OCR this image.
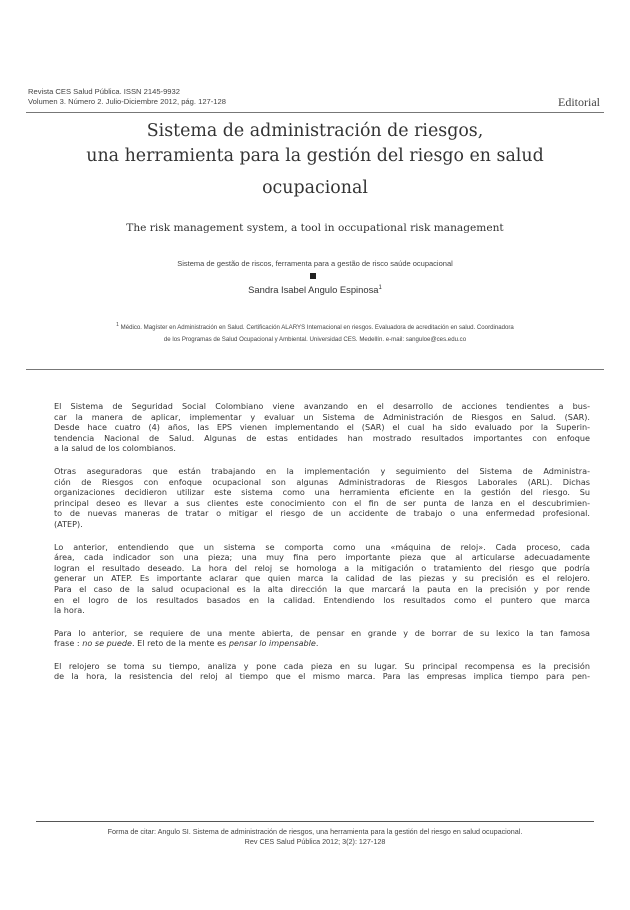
Revista CES Salud Pública. ISSN 2145-9932
Volumen 3. Número 2. Julio-Diciembre 2012, pág. 127-128	Editorial
Sistema de administración de riesgos,
una herramienta para la gestión del riesgo en salud
ocupacional
The risk management system, a tool in occupational risk management
Sistema de gestão de riscos, ferramenta para a gestão de risco saúde ocupacional
Sandra Isabel Angulo Espinosa$^1$
$^1$ Médico. Magíster en Administración en Salud. Certificación ALARYS Internacional en riesgos. Evaluadora de acreditación en salud. Coordinadora
de los Programas de Salud Ocupacional y Ambiental. Universidad CES. Medellín. e-mail: sanguloe@ces.edu.co
El Sistema de Seguridad Social Colombiano viene avanzando en el desarrollo de acciones tendientes a bus-
car la manera de aplicar, implementar y evaluar un Sistema de Administración de Riesgos en Salud. (SAR).
Desde hace cuatro (4) años, las EPS vienen implementando el (SAR) el cual ha sido evaluado por la Superin-
tendencia Nacional de Salud. Algunas de estas entidades han mostrado resultados importantes con enfoque
a la salud de los colombianos.
Otras aseguradoras que están trabajando en la implementación y seguimiento del Sistema de Administra-
ción de Riesgos con enfoque ocupacional son algunas Administradoras de Riesgos Laborales (ARL). Dichas
organizaciones decidieron utilizar este sistema como una herramienta eficiente en la gestión del riesgo. Su
principal deseo es llevar a sus clientes este conocimiento con el fin de ser punta de lanza en el descubrimien-
to de nuevas maneras de tratar o mitigar el riesgo de un accidente de trabajo o una enfermedad profesional.
(ATEP).
Lo anterior, entendiendo que un sistema se comporta como una «máquina de reloj». Cada proceso, cada
área, cada indicador son una pieza; una muy fina pero importante pieza que al articularse adecuadamente
logran el resultado deseado. La hora del reloj se homologa a la mitigación o tratamiento del riesgo que podría
generar un ATEP. Es importante aclarar que quien marca la calidad de las piezas y su precisión es el relojero.
Para el caso de la salud ocupacional es la alta dirección la que marcará la pauta en la precisión y por rende
en el logro de los resultados basados en la calidad. Entendiendo los resultados como el puntero que marca
la hora.
Para lo anterior, se requiere de una mente abierta, de pensar en grande y de borrar de su lexico la tan famosa
frase : no se puede. El reto de la mente es pensar lo impensable.
El relojero se toma su tiempo, analiza y pone cada pieza en su lugar. Su principal recompensa es la precisión
de la hora, la resistencia del reloj al tiempo que el mismo marca. Para las empresas implica tiempo para pen-
Forma de citar: Angulo SI. Sistema de administración de riesgos, una herramienta para la gestión del riesgo en salud ocupacional.
Rev CES Salud Pública 2012; 3(2): 127-128
